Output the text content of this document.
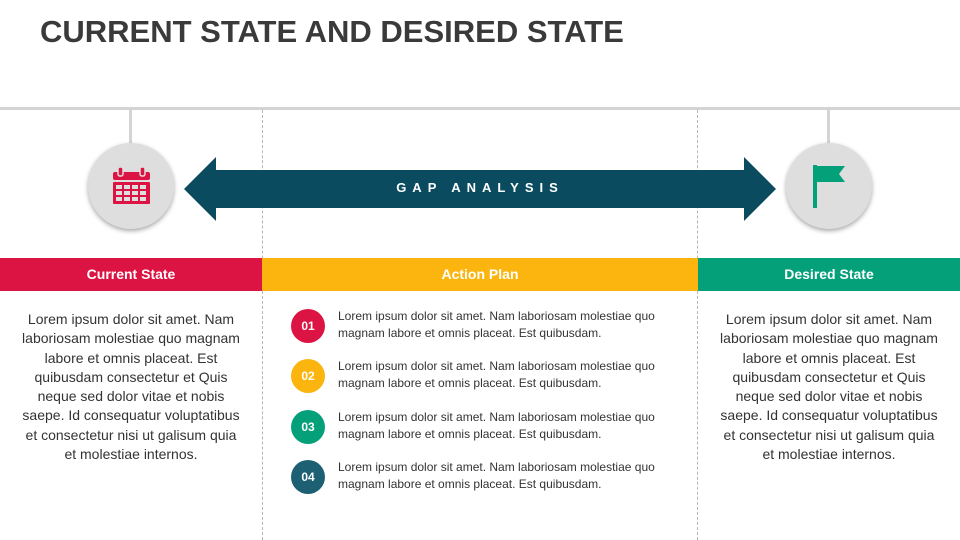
CURRENT STATE AND DESIRED STATE
GAP ANALYSIS
Current State	Action Plan	Desired State
Lorem ipsum dolor sit amet. Nam laboriosam molestiae quo magnam labore et omnis placeat. Est quibusdam consectetur et Quis neque sed dolor vitae et nobis saepe. Id consequatur voluptatibus et consectetur nisi ut galisum quia et molestiae internos.
Lorem ipsum dolor sit amet. Nam laboriosam molestiae quo magnam labore et omnis placeat. Est quibusdam consectetur et Quis neque sed dolor vitae et nobis saepe. Id consequatur voluptatibus et consectetur nisi ut galisum quia et molestiae internos.
01
Lorem ipsum dolor sit amet. Nam laboriosam molestiae quo magnam labore et omnis placeat. Est quibusdam.
02
Lorem ipsum dolor sit amet. Nam laboriosam molestiae quo magnam labore et omnis placeat. Est quibusdam.
03
Lorem ipsum dolor sit amet. Nam laboriosam molestiae quo magnam labore et omnis placeat. Est quibusdam.
04
Lorem ipsum dolor sit amet. Nam laboriosam molestiae quo magnam labore et omnis placeat. Est quibusdam.
